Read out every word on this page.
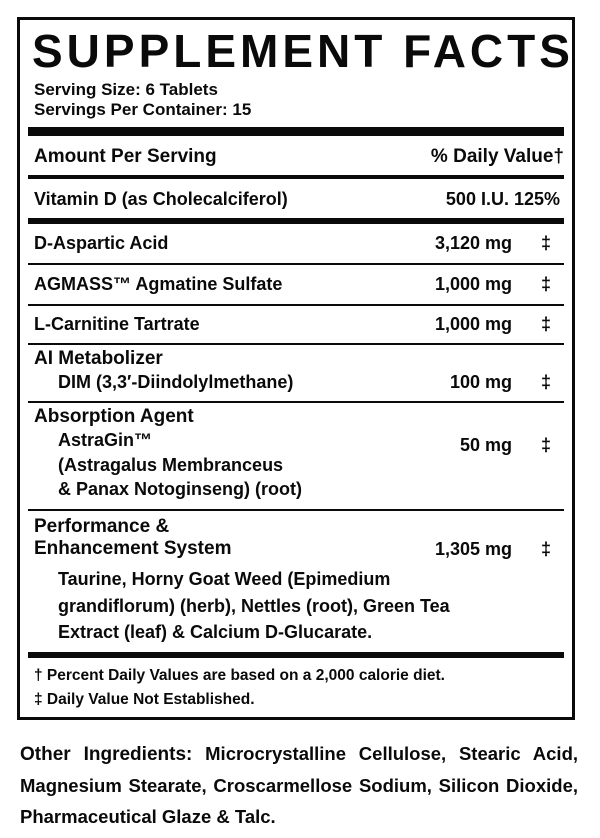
SUPPLEMENT FACTS
Serving Size: 6 Tablets
Servings Per Container: 15
Amount Per Serving	% Daily Value†
Vitamin D (as Cholecalciferol)	500 I.U. 125%
D-Aspartic Acid	3,120 mg ‡
AGMASS™ Agmatine Sulfate	1,000 mg ‡
L-Carnitine Tartrate	1,000 mg ‡
AI Metabolizer
DIM (3,3′-Diindolylmethane)	100 mg ‡
Absorption Agent
AstraGin™	50 mg ‡
(Astragalus Membranceus
& Panax Notoginseng) (root)
Performance &
Enhancement System	1,305 mg ‡
Taurine, Horny Goat Weed (Epimedium
grandiflorum) (herb), Nettles (root), Green Tea
Extract (leaf) & Calcium D-Glucarate.
† Percent Daily Values are based on a 2,000 calorie diet.
‡ Daily Value Not Established.
Other Ingredients: Microcrystalline Cellulose, Stearic Acid, Magnesium Stearate, Croscarmellose Sodium, Silicon Dioxide, Pharmaceutical Glaze & Talc.
